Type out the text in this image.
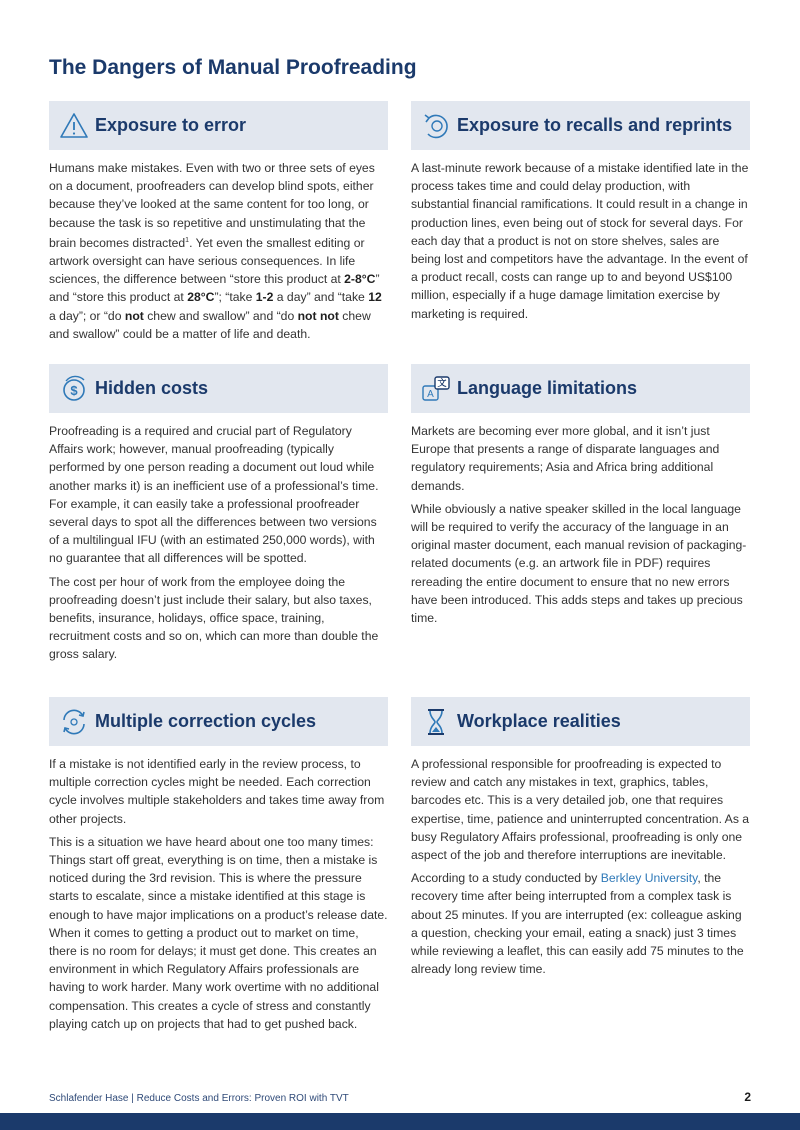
The Dangers of Manual Proofreading
Exposure to error

Humans make mistakes. Even with two or three sets of eyes on a document, proofreaders can develop blind spots, either because they’ve looked at the same content for too long, or because the task is so repetitive and unstimulating that the brain becomes distracted$^1$. Yet even the smallest editing or artwork oversight can have serious consequences. In life sciences, the difference between “store this product at 2-8°C” and “store this product at 28°C”; “take 1-2 a day” and “take 12 a day”; or “do not chew and swallow” and “do not not chew and swallow” could be a matter of life and death.

Exposure to recalls and reprints

A last-minute rework because of a mistake identified late in the process takes time and could delay production, with substantial financial ramifications. It could result in a change in production lines, even being out of stock for several days. For each day that a product is not on store shelves, sales are being lost and competitors have the advantage. In the event of a product recall, costs can range up to and beyond US$100 million, especially if a huge damage limitation exercise by marketing is required.

$ Hidden costs

Proofreading is a required and crucial part of Regulatory Affairs work; however, manual proofreading (typically performed by one person reading a document out loud while another marks it) is an inefficient use of a professional’s time. For example, it can easily take a professional proofreader several days to spot all the differences between two versions of a multilingual IFU (with an estimated 250,000 words), with no guarantee that all differences will be spotted.

The cost per hour of work from the employee doing the proofreading doesn’t just include their salary, but also taxes, benefits, insurance, holidays, office space, training, recruitment costs and so on, which can more than double the gross salary.

A
文 Language limitations

Markets are becoming ever more global, and it isn’t just Europe that presents a range of disparate languages and regulatory requirements; Asia and Africa bring additional demands.

While obviously a native speaker skilled in the local language will be required to verify the accuracy of the language in an original master document, each manual revision of packaging-related documents (e.g. an artwork file in PDF) requires rereading the entire document to ensure that no new errors have been introduced. This adds steps and takes up precious time.

Multiple correction cycles

If a mistake is not identified early in the review process, to multiple correction cycles might be needed. Each correction cycle involves multiple stakeholders and takes time away from other projects.

This is a situation we have heard about one too many times: Things start off great, everything is on time, then a mistake is noticed during the 3rd revision. This is where the pressure starts to escalate, since a mistake identified at this stage is enough to have major implications on a product’s release date. When it comes to getting a product out to market on time, there is no room for delays; it must get done. This creates an environment in which Regulatory Affairs professionals are having to work harder. Many work overtime with no additional compensation. This creates a cycle of stress and constantly playing catch up on projects that had to get pushed back.

Workplace realities

A professional responsible for proofreading is expected to review and catch any mistakes in text, graphics, tables, barcodes etc. This is a very detailed job, one that requires expertise, time, patience and uninterrupted concentration. As a busy Regulatory Affairs professional, proofreading is only one aspect of the job and therefore interruptions are inevitable.

According to a study conducted by Berkley University, the recovery time after being interrupted from a complex task is about 25 minutes. If you are interrupted (ex: colleague asking a question, checking your email, eating a snack) just 3 times while reviewing a leaflet, this can easily add 75 minutes to the already long review time.

Schlafender Hase | Reduce Costs and Errors: Proven ROI with TVT	2
